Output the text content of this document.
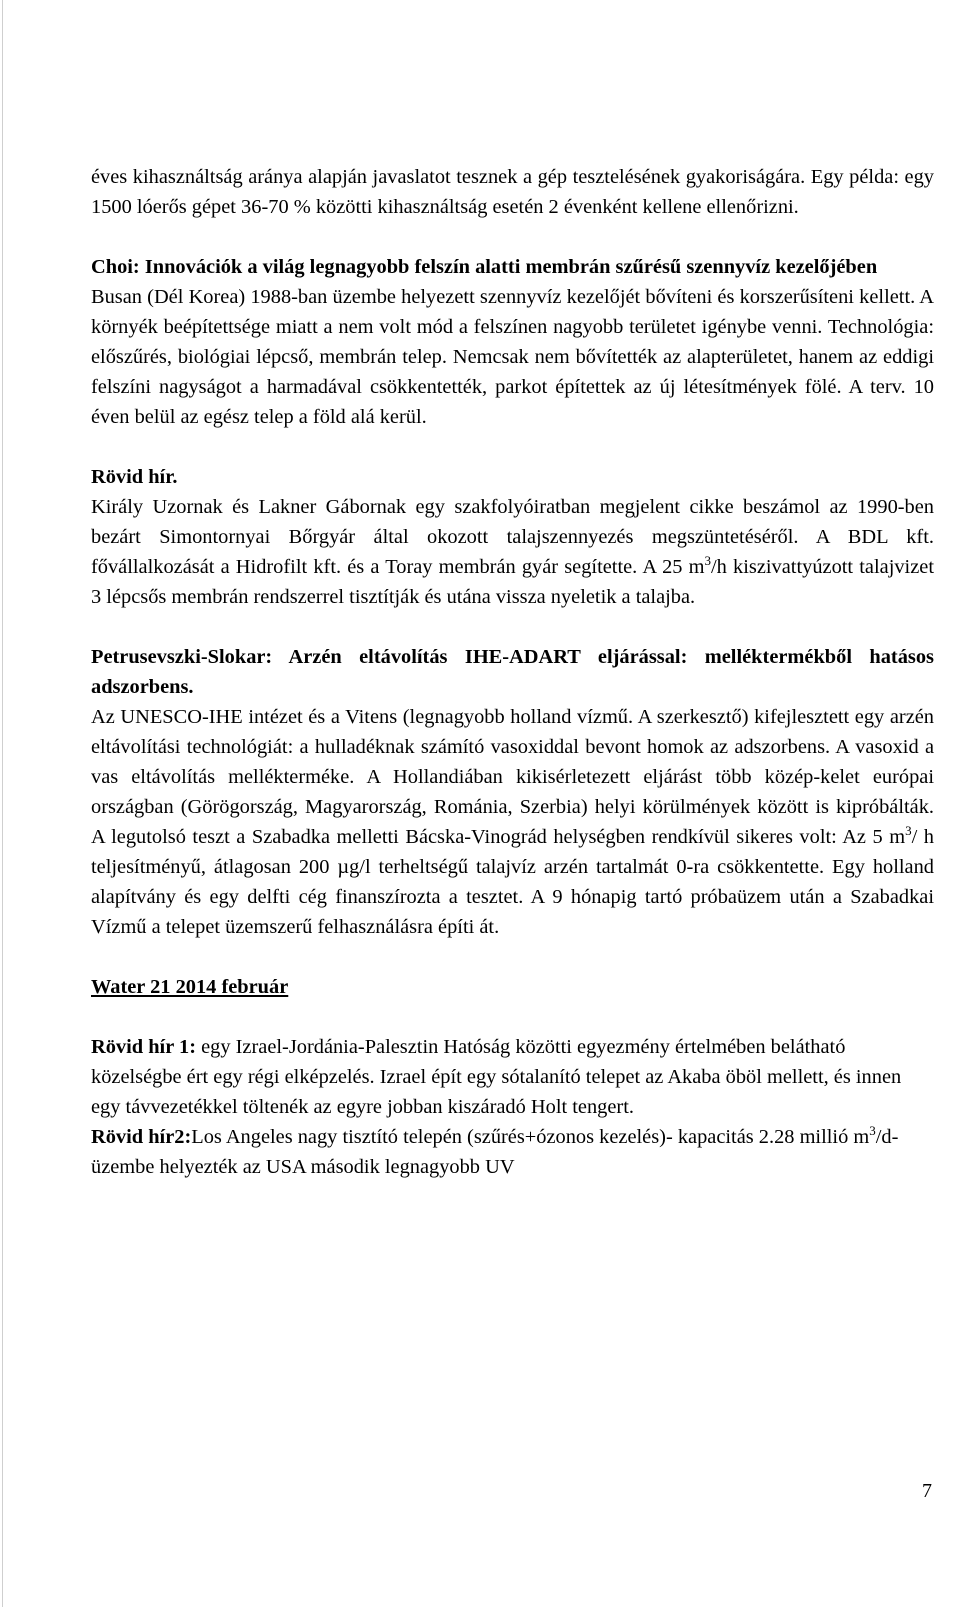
éves kihasználtság aránya alapján javaslatot tesznek a gép tesztelésének gyakoriságára. Egy példa: egy 1500 lóerős gépet 36-70 % közötti kihasználtság esetén 2 évenként kellene ellenőrizni.

Choi: Innovációk a világ legnagyobb felszín alatti membrán szűrésű szennyvíz kezelőjében
Busan (Dél Korea) 1988-ban üzembe helyezett szennyvíz kezelőjét bővíteni és korszerűsíteni kellett. A környék beépítettsége miatt a nem volt mód a felszínen nagyobb területet igénybe venni. Technológia: előszűrés, biológiai lépcső, membrán telep. Nemcsak nem bővítették az alapterületet, hanem az eddigi felszíni nagyságot a harmadával csökkentették, parkot építettek az új létesítmények fölé. A terv. 10 éven belül az egész telep a föld alá kerül.

Rövid hír.
Király Uzornak és Lakner Gábornak egy szakfolyóiratban megjelent cikke beszámol az 1990-ben bezárt Simontornyai Bőrgyár által okozott talajszennyezés megszüntetéséről. A BDL kft. fővállalkozását a Hidrofilt kft. és a Toray membrán gyár segítette. A 25 $m^3/h$ kiszivattyúzott talajvizet 3 lépcsős membrán rendszerrel tisztítják és utána vissza nyeletik a talajba.

Petrusevszki-Slokar: Arzén eltávolítás IHE-ADART eljárással: melléktermékből hatásos adszorbens.
Az UNESCO-IHE intézet és a Vitens (legnagyobb holland vízmű. A szerkesztő) kifejlesztett egy arzén eltávolítási technológiát: a hulladéknak számító vasoxiddal bevont homok az adszorbens. A vasoxid a vas eltávolítás mellékterméke. A Hollandiában kikisérletezett eljárást több közép-kelet európai országban (Görögország, Magyarország, Románia, Szerbia) helyi körülmények között is kipróbálták. A legutolsó teszt a Szabadka melletti Bácska-Vinográd helységben rendkívül sikeres volt: Az 5 $m^3/$ h teljesítményű, átlagosan 200 µg/l terheltségű talajvíz arzén tartalmát 0-ra csökkentette. Egy holland alapítvány és egy delfti cég finanszírozta a tesztet. A 9 hónapig tartó próbaüzem után a Szabadkai Vízmű a telepet üzemszerű felhasználásra építi át.

Water 21 2014 február

Rövid hír 1: egy Izrael-Jordánia-Palesztin Hatóság közötti egyezmény értelmében belátható közelségbe ért egy régi elképzelés. Izrael épít egy sótalanító telepet az Akaba öböl mellett, és innen egy távvezetékkel töltenék az egyre jobban kiszáradó Holt tengert.

Rövid hír2:Los Angeles nagy tisztító telepén (szűrés+ózonos kezelés)- kapacitás 2.28 millió $m^3/d-$ üzembe helyezték az USA második legnagyobb UV

7
